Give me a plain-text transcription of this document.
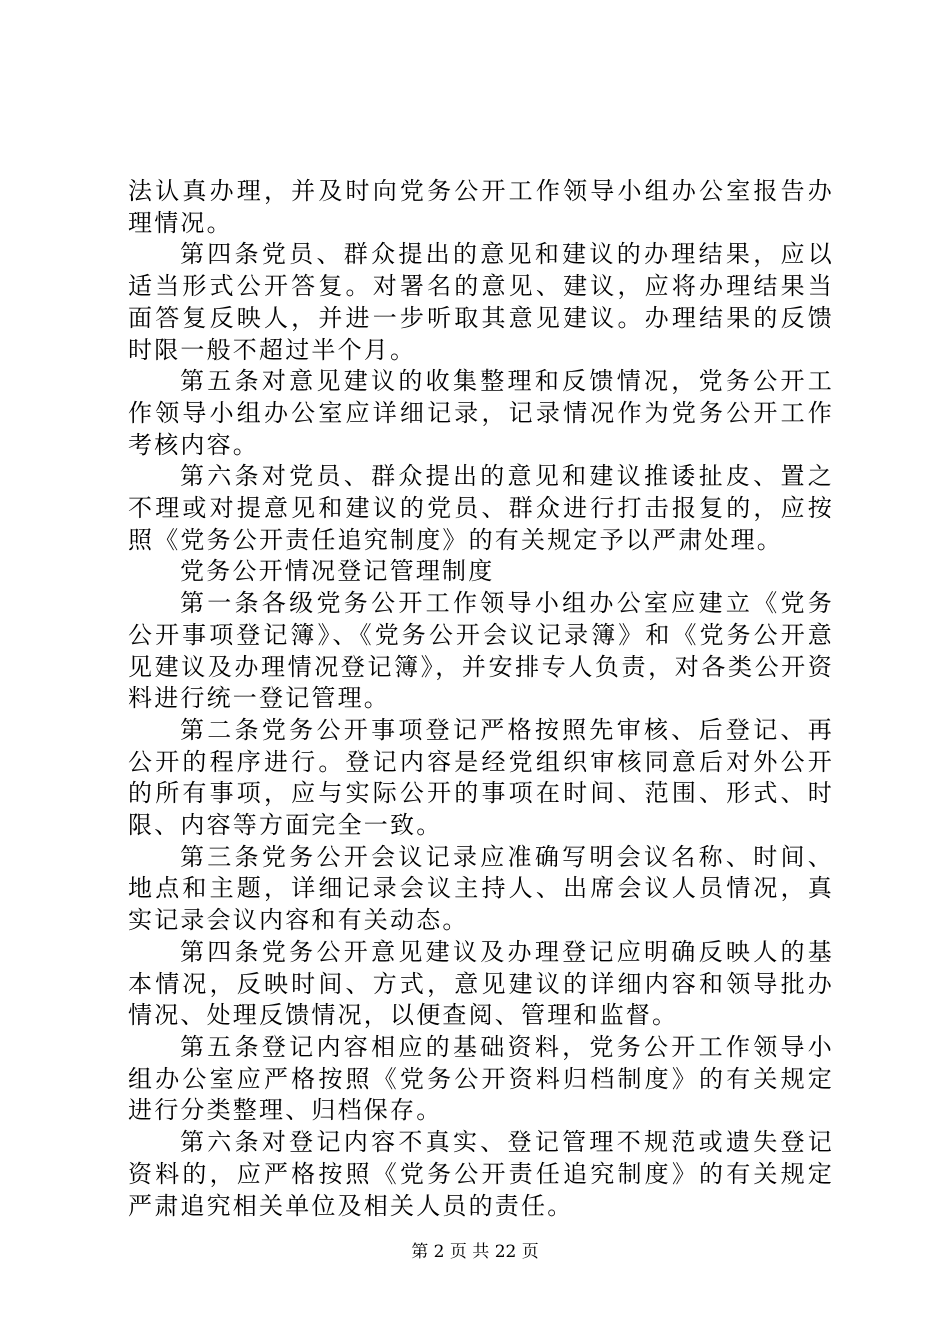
法认真办理，并及时向党务公开工作领导小组办公室报告办理情况。

第四条党员、群众提出的意见和建议的办理结果，应以适当形式公开答复。对署名的意见、建议，应将办理结果当面答复反映人，并进一步听取其意见建议。办理结果的反馈时限一般不超过半个月。

第五条对意见建议的收集整理和反馈情况，党务公开工作领导小组办公室应详细记录，记录情况作为党务公开工作考核内容。

第六条对党员、群众提出的意见和建议推诿扯皮、置之不理或对提意见和建议的党员、群众进行打击报复的，应按照《党务公开责任追究制度》的有关规定予以严肃处理。

党务公开情况登记管理制度

第一条各级党务公开工作领导小组办公室应建立《党务公开事项登记簿》、《党务公开会议记录簿》和《党务公开意见建议及办理情况登记簿》，并安排专人负责，对各类公开资料进行统一登记管理。

第二条党务公开事项登记严格按照先审核、后登记、再公开的程序进行。登记内容是经党组织审核同意后对外公开的所有事项，应与实际公开的事项在时间、范围、形式、时限、内容等方面完全一致。

第三条党务公开会议记录应准确写明会议名称、时间、地点和主题，详细记录会议主持人、出席会议人员情况，真实记录会议内容和有关动态。

第四条党务公开意见建议及办理登记应明确反映人的基本情况，反映时间、方式，意见建议的详细内容和领导批办情况、处理反馈情况，以便查阅、管理和监督。

第五条登记内容相应的基础资料，党务公开工作领导小组办公室应严格按照《党务公开资料归档制度》的有关规定进行分类整理、归档保存。

第六条对登记内容不真实、登记管理不规范或遗失登记资料的，应严格按照《党务公开责任追究制度》的有关规定严肃追究相关单位及相关人员的责任。

第 2 页 共 22 页
